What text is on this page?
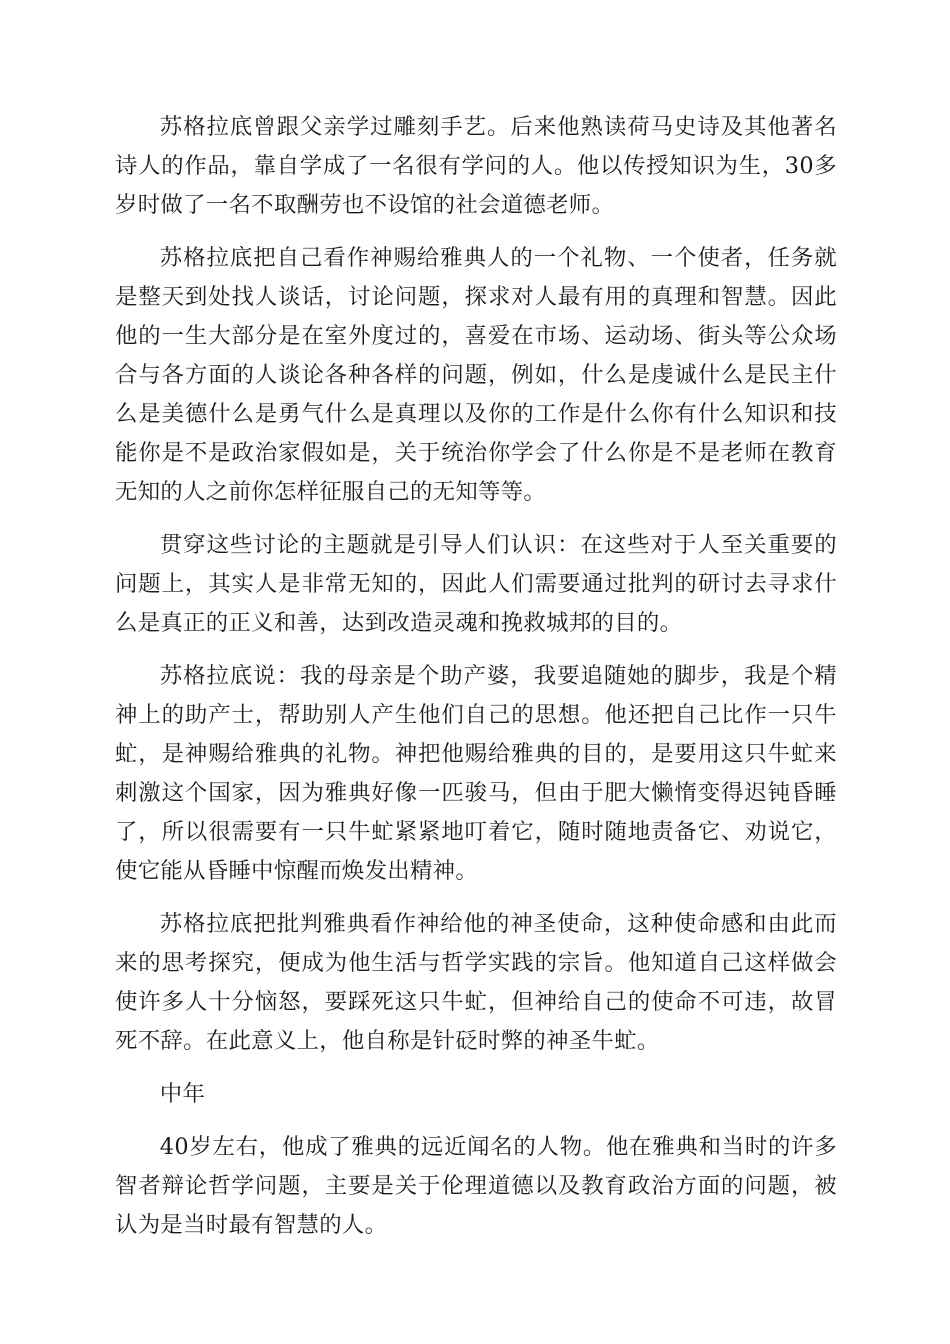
苏格拉底曾跟父亲学过雕刻手艺。后来他熟读荷马史诗及其他著名诗人的作品，靠自学成了一名很有学问的人。他以传授知识为生，30多岁时做了一名不取酬劳也不设馆的社会道德老师。

苏格拉底把自己看作神赐给雅典人的一个礼物、一个使者，任务就是整天到处找人谈话，讨论问题，探求对人最有用的真理和智慧。因此他的一生大部分是在室外度过的，喜爱在市场、运动场、街头等公众场合与各方面的人谈论各种各样的问题，例如，什么是虔诚什么是民主什么是美德什么是勇气什么是真理以及你的工作是什么你有什么知识和技能你是不是政治家假如是，关于统治你学会了什么你是不是老师在教育无知的人之前你怎样征服自己的无知等等。

贯穿这些讨论的主题就是引导人们认识：在这些对于人至关重要的问题上，其实人是非常无知的，因此人们需要通过批判的研讨去寻求什么是真正的正义和善，达到改造灵魂和挽救城邦的目的。

苏格拉底说：我的母亲是个助产婆，我要追随她的脚步，我是个精神上的助产士，帮助别人产生他们自己的思想。他还把自己比作一只牛虻，是神赐给雅典的礼物。神把他赐给雅典的目的，是要用这只牛虻来刺激这个国家，因为雅典好像一匹骏马，但由于肥大懒惰变得迟钝昏睡了，所以很需要有一只牛虻紧紧地叮着它，随时随地责备它、劝说它，使它能从昏睡中惊醒而焕发出精神。

苏格拉底把批判雅典看作神给他的神圣使命，这种使命感和由此而来的思考探究，便成为他生活与哲学实践的宗旨。他知道自己这样做会使许多人十分恼怒，要踩死这只牛虻，但神给自己的使命不可违，故冒死不辞。在此意义上，他自称是针砭时弊的神圣牛虻。

中年

40岁左右，他成了雅典的远近闻名的人物。他在雅典和当时的许多智者辩论哲学问题，主要是关于伦理道德以及教育政治方面的问题，被认为是当时最有智慧的人。
